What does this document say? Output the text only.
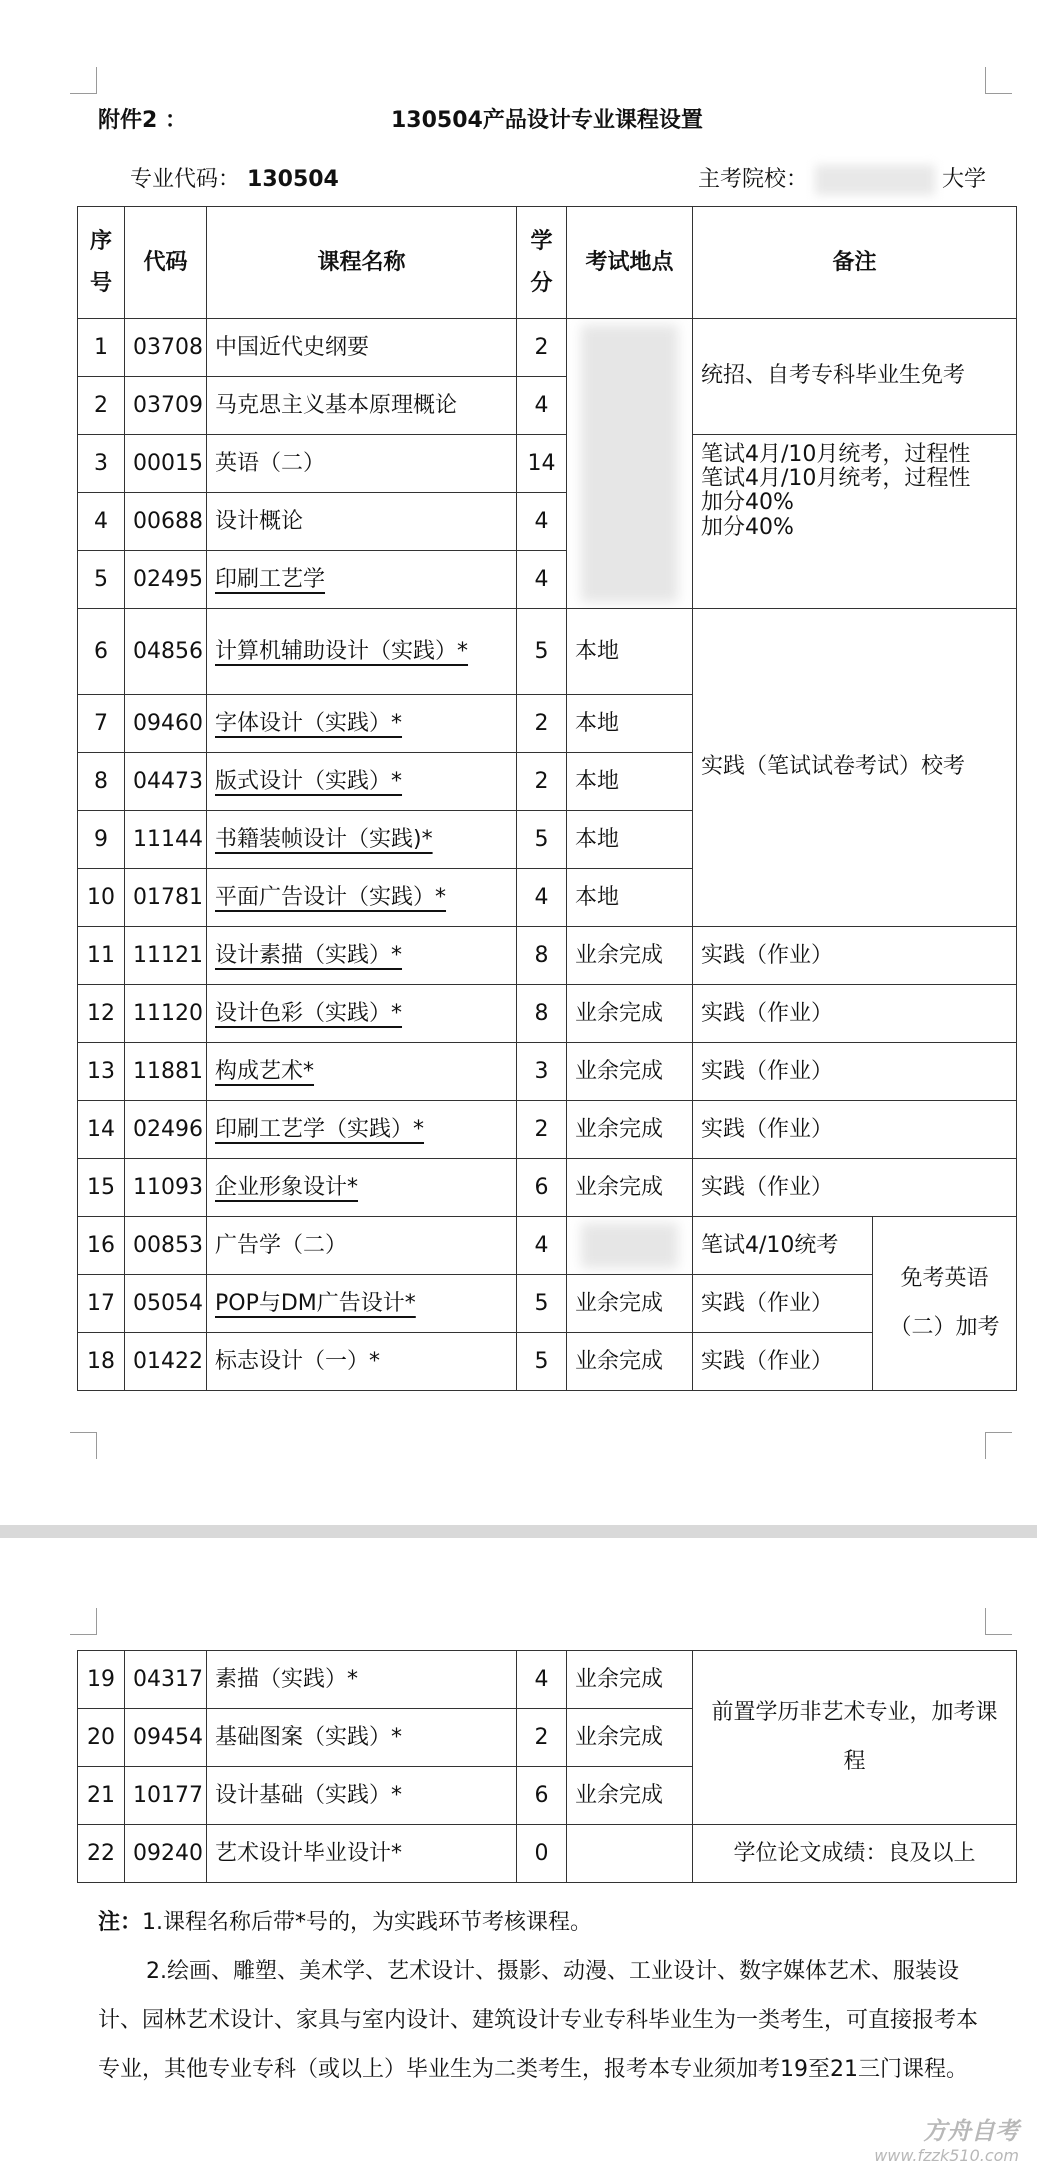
附件2 ：	130504产品设计专业课程设置
专业代码： 130504	主考院校：	大学
序号	代码	课程名称	学分	考试地点	备注	
1	03708	中国近代史纲要	2		统招、自考专科毕业生免考	
2	03709	马克思主义基本原理概论	4			
3	00015	英语（二）	14		笔试4月/10月统考，过程性
笔试4月/10月统考，过程性
加分40%
加分40%	

4	00688	设计概论	4			
5	02495	印刷工艺学	4			
6	04856	计算机辅助设计（实践）*	5	本地	实践（笔试试卷考试）校考	
7	09460	字体设计（实践）*	2	本地		
8	04473	版式设计（实践）*	2	本地		
9	11144	书籍装帧设计（实践)*	5	本地		
10	01781	平面广告设计（实践）*	4	本地		
11	11121	设计素描（实践）*	8	业余完成	实践（作业）	
12	11120	设计色彩（实践）*	8	业余完成	实践（作业）	
13	11881	构成艺术*	3	业余完成	实践（作业）	
14	02496	印刷工艺学（实践）*	2	业余完成	实践（作业）	
15	11093	企业形象设计*	6	业余完成	实践（作业）	
16	00853	广告学（二）	4		笔试4/10统考	免考英语（二）加考
17	05054	POP与DM广告设计*	5	业余完成	实践（作业）	
18	01422	标志设计（一）*	5	业余完成	实践（作业）	
19	04317	素描（实践）*	4	业余完成	前置学历非艺术专业，加考课程
20	09454	基础图案（实践）*	2	业余完成	
21	10177	设计基础（实践）*	6	业余完成	
22	09240	艺术设计毕业设计*	0		学位论文成绩：良及以上

注：1.课程名称后带*号的，为实践环节考核课程。

2.绘画、雕塑、美术学、艺术设计、摄影、动漫、工业设计、数字媒体艺术、服装设计、园林艺术设计、家具与室内设计、建筑设计专业专科毕业生为一类考生，可直接报考本专业，其他专业专科（或以上）毕业生为二类考生，报考本专业须加考19至21三门课程。

方舟自考
www.fzzk510.com
